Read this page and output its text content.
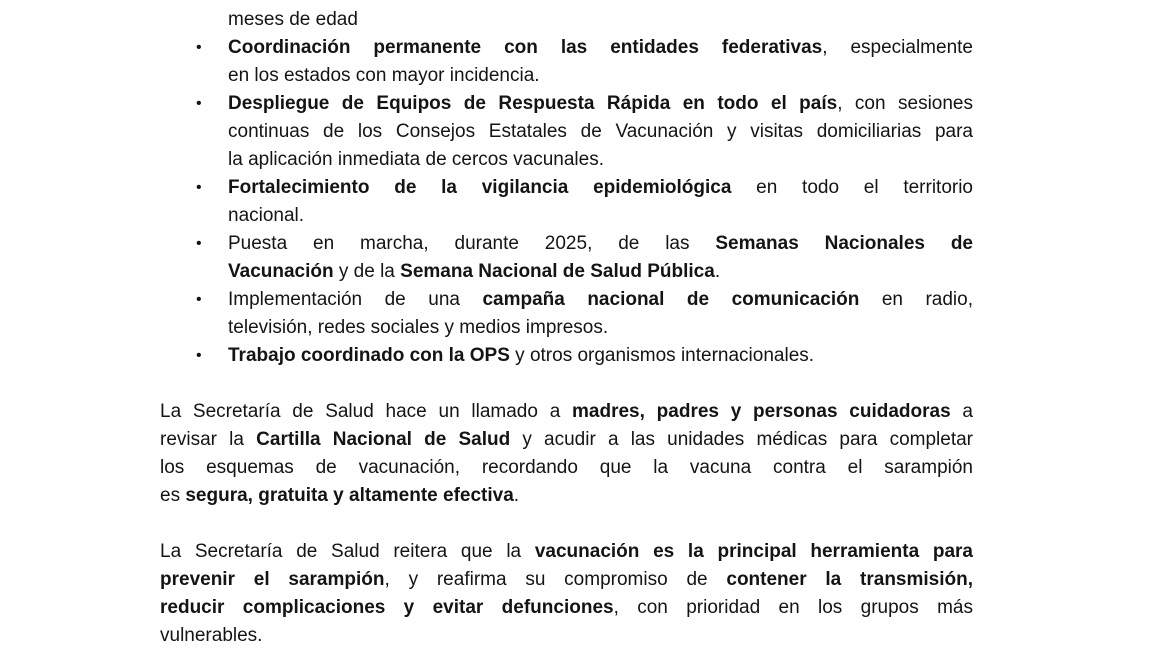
meses de edad
• Coordinación permanente con las entidades federativas, especialmente
en los estados con mayor incidencia.
• Despliegue de Equipos de Respuesta Rápida en todo el país, con sesiones
continuas de los Consejos Estatales de Vacunación y visitas domiciliarias para
la aplicación inmediata de cercos vacunales.
• Fortalecimiento de la vigilancia epidemiológica en todo el territorio
nacional.
• Puesta en marcha, durante 2025, de las Semanas Nacionales de
Vacunación y de la Semana Nacional de Salud Pública.
• Implementación de una campaña nacional de comunicación en radio,
televisión, redes sociales y medios impresos.
• Trabajo coordinado con la OPS y otros organismos internacionales.
La Secretaría de Salud hace un llamado a madres, padres y personas cuidadoras a
revisar la Cartilla Nacional de Salud y acudir a las unidades médicas para completar
los esquemas de vacunación, recordando que la vacuna contra el sarampión
es segura, gratuita y altamente efectiva.
La Secretaría de Salud reitera que la vacunación es la principal herramienta para
prevenir el sarampión, y reafirma su compromiso de contener la transmisión,
reducir complicaciones y evitar defunciones, con prioridad en los grupos más
vulnerables.
